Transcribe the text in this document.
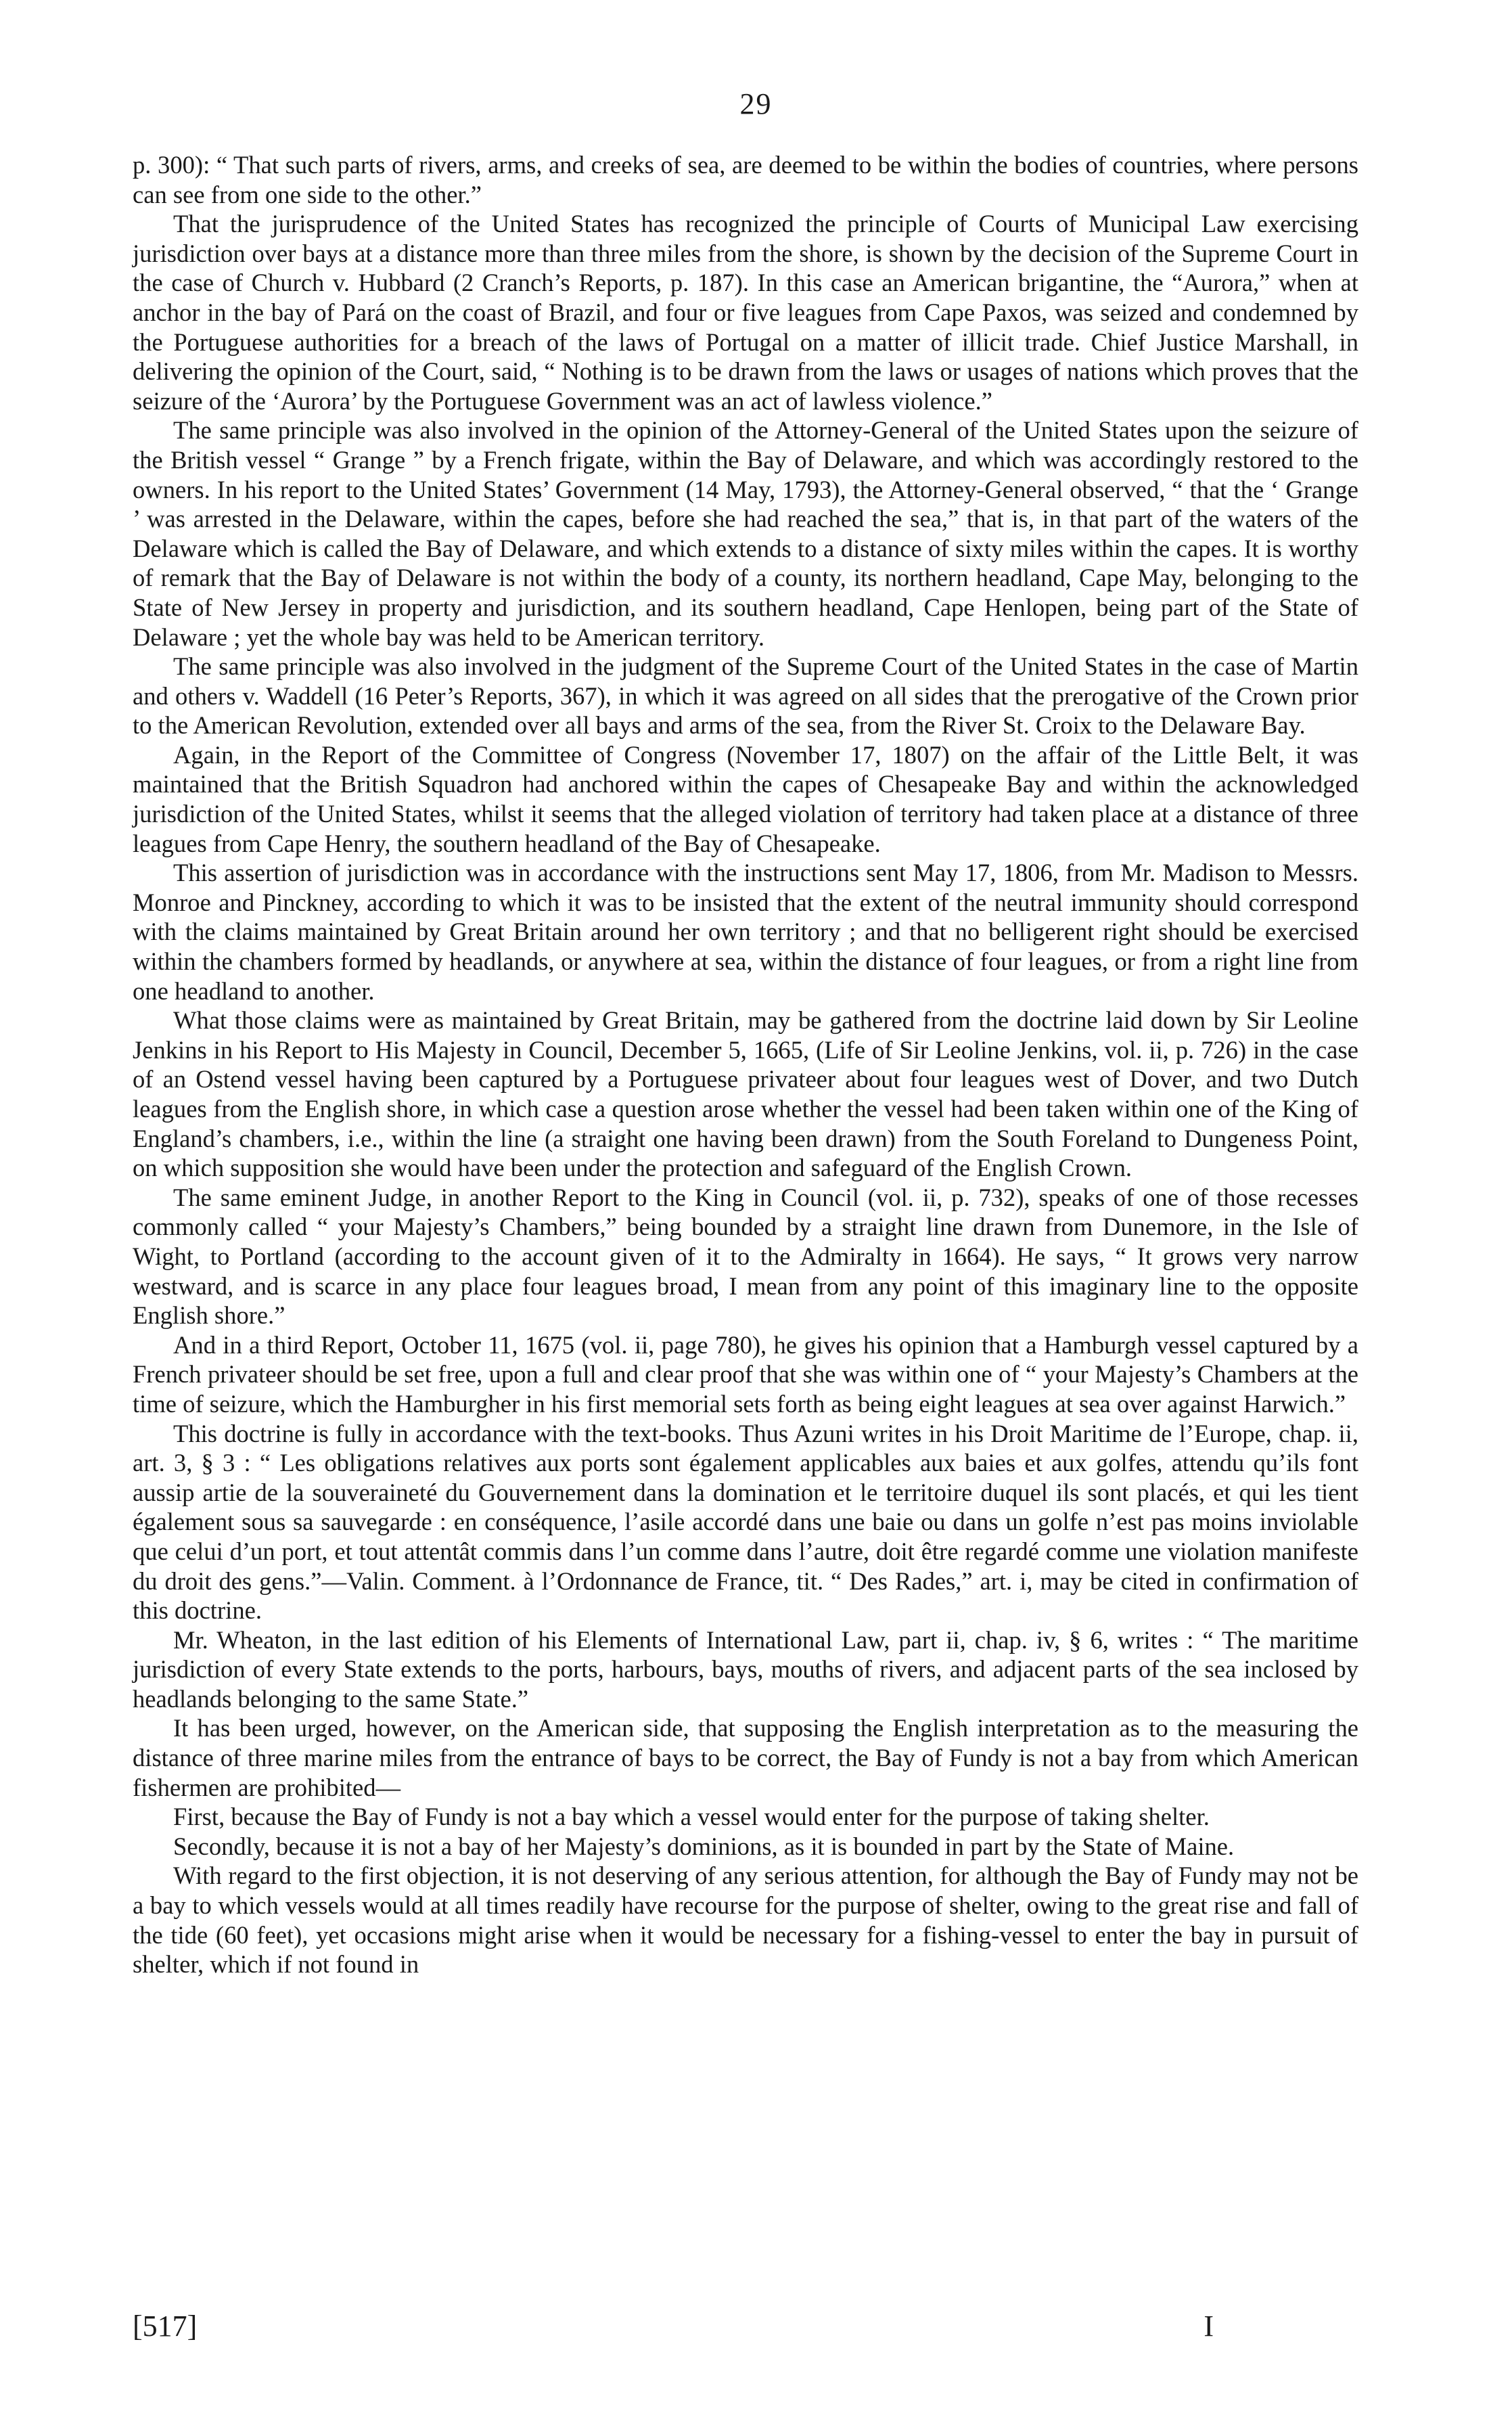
29

p. 300): “ That such parts of rivers, arms, and creeks of sea, are deemed to be within the bodies of countries, where persons can see from one side to the other.”

That the jurisprudence of the United States has recognized the principle of Courts of Municipal Law exercising jurisdiction over bays at a distance more than three miles from the shore, is shown by the decision of the Supreme Court in the case of Church v. Hubbard (2 Cranch’s Reports, p. 187). In this case an American brigantine, the “Aurora,” when at anchor in the bay of Pará on the coast of Brazil, and four or five leagues from Cape Paxos, was seized and condemned by the Portuguese authorities for a breach of the laws of Portugal on a matter of illicit trade. Chief Justice Marshall, in delivering the opinion of the Court, said, “ Nothing is to be drawn from the laws or usages of nations which proves that the seizure of the ‘Aurora’ by the Portuguese Government was an act of lawless violence.”

The same principle was also involved in the opinion of the Attorney-General of the United States upon the seizure of the British vessel “ Grange ” by a French frigate, within the Bay of Delaware, and which was accordingly restored to the owners. In his report to the United States’ Government (14 May, 1793), the Attorney-General observed, “ that the ‘ Grange ’ was arrested in the Delaware, within the capes, before she had reached the sea,” that is, in that part of the waters of the Delaware which is called the Bay of Delaware, and which extends to a distance of sixty miles within the capes. It is worthy of remark that the Bay of Delaware is not within the body of a county, its northern headland, Cape May, belonging to the State of New Jersey in property and jurisdiction, and its southern headland, Cape Henlopen, being part of the State of Delaware ; yet the whole bay was held to be American territory.

The same principle was also involved in the judgment of the Supreme Court of the United States in the case of Martin and others v. Waddell (16 Peter’s Reports, 367), in which it was agreed on all sides that the prerogative of the Crown prior to the American Revolution, extended over all bays and arms of the sea, from the River St. Croix to the Delaware Bay.

Again, in the Report of the Committee of Congress (November 17, 1807) on the affair of the Little Belt, it was maintained that the British Squadron had anchored within the capes of Chesapeake Bay and within the acknowledged jurisdiction of the United States, whilst it seems that the alleged violation of territory had taken place at a distance of three leagues from Cape Henry, the southern headland of the Bay of Chesapeake.

This assertion of jurisdiction was in accordance with the instructions sent May 17, 1806, from Mr. Madison to Messrs. Monroe and Pinckney, according to which it was to be insisted that the extent of the neutral immunity should correspond with the claims maintained by Great Britain around her own territory ; and that no belligerent right should be exercised within the chambers formed by headlands, or anywhere at sea, within the distance of four leagues, or from a right line from one headland to another.

What those claims were as maintained by Great Britain, may be gathered from the doctrine laid down by Sir Leoline Jenkins in his Report to His Majesty in Council, December 5, 1665, (Life of Sir Leoline Jenkins, vol. ii, p. 726) in the case of an Ostend vessel having been captured by a Portuguese privateer about four leagues west of Dover, and two Dutch leagues from the English shore, in which case a question arose whether the vessel had been taken within one of the King of England’s chambers, i.e., within the line (a straight one having been drawn) from the South Foreland to Dungeness Point, on which supposition she would have been under the protection and safeguard of the English Crown.

The same eminent Judge, in another Report to the King in Council (vol. ii, p. 732), speaks of one of those recesses commonly called “ your Majesty’s Chambers,” being bounded by a straight line drawn from Dunemore, in the Isle of Wight, to Portland (according to the account given of it to the Admiralty in 1664). He says, “ It grows very narrow westward, and is scarce in any place four leagues broad, I mean from any point of this imaginary line to the opposite English shore.”

And in a third Report, October 11, 1675 (vol. ii, page 780), he gives his opinion that a Hamburgh vessel captured by a French privateer should be set free, upon a full and clear proof that she was within one of “ your Majesty’s Chambers at the time of seizure, which the Hamburgher in his first memorial sets forth as being eight leagues at sea over against Harwich.”

This doctrine is fully in accordance with the text-books. Thus Azuni writes in his Droit Maritime de l’Europe, chap. ii, art. 3, § 3 : “ Les obligations relatives aux ports sont également applicables aux baies et aux golfes, attendu qu’ils font aussip artie de la souveraineté du Gouvernement dans la domination et le territoire duquel ils sont placés, et qui les tient également sous sa sauvegarde : en conséquence, l’asile accordé dans une baie ou dans un golfe n’est pas moins inviolable que celui d’un port, et tout attentât commis dans l’un comme dans l’autre, doit être regardé comme une violation manifeste du droit des gens.”—Valin. Comment. à l’Ordonnance de France, tit. “ Des Rades,” art. i, may be cited in confirmation of this doctrine.

Mr. Wheaton, in the last edition of his Elements of International Law, part ii, chap. iv, § 6, writes : “ The maritime jurisdiction of every State extends to the ports, harbours, bays, mouths of rivers, and adjacent parts of the sea inclosed by headlands belonging to the same State.”

It has been urged, however, on the American side, that supposing the English interpretation as to the measuring the distance of three marine miles from the entrance of bays to be correct, the Bay of Fundy is not a bay from which American fishermen are prohibited—

First, because the Bay of Fundy is not a bay which a vessel would enter for the purpose of taking shelter.

Secondly, because it is not a bay of her Majesty’s dominions, as it is bounded in part by the State of Maine.

With regard to the first objection, it is not deserving of any serious attention, for although the Bay of Fundy may not be a bay to which vessels would at all times readily have recourse for the purpose of shelter, owing to the great rise and fall of the tide (60 feet), yet occasions might arise when it would be necessary for a fishing-vessel to enter the bay in pursuit of shelter, which if not found in

[517]	I
